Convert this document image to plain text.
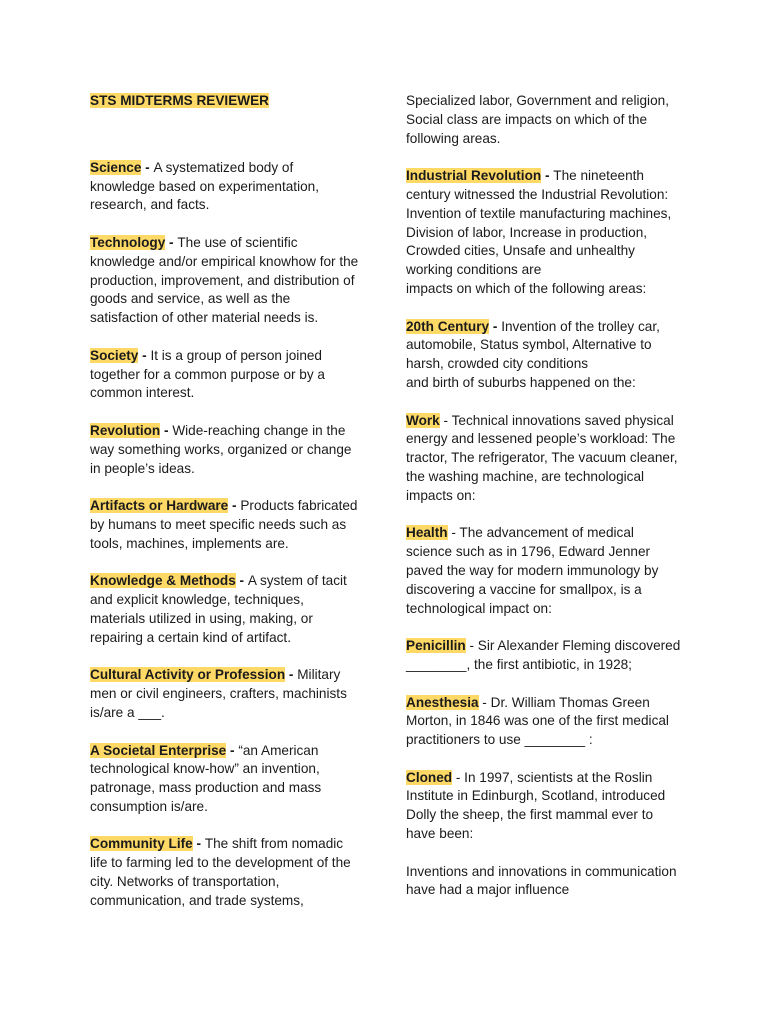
STS MIDTERMS REVIEWER

Science - A systematized body of knowledge based on experimentation, research, and facts.

Technology - The use of scientific knowledge and/or empirical knowhow for the production, improvement, and distribution of goods and service, as well as the satisfaction of other material needs is.

Society - It is a group of person joined together for a common purpose or by a common interest.

Revolution - Wide-reaching change in the way something works, organized or change in people’s ideas.

Artifacts or Hardware - Products fabricated by humans to meet specific needs such as tools, machines, implements are.

Knowledge & Methods - A system of tacit and explicit knowledge, techniques, materials utilized in using, making, or repairing a certain kind of artifact.

Cultural Activity or Profession - Military men or civil engineers, crafters, machinists is/are a ___.

A Societal Enterprise - “an American technological know-how” an invention, patronage, mass production and mass consumption is/are.

Community Life - The shift from nomadic life to farming led to the development of the city. Networks of transportation, communication, and trade systems,

Specialized labor, Government and religion,
Social class are impacts on which of the
following areas.

Industrial Revolution - The nineteenth century witnessed the Industrial Revolution: Invention of textile manufacturing machines, Division of labor, Increase in production, Crowded cities, Unsafe and unhealthy working conditions are
impacts on which of the following areas:

20th Century - Invention of the trolley car, automobile, Status symbol, Alternative to harsh, crowded city conditions
and birth of suburbs happened on the:

Work - Technical innovations saved physical energy and lessened people’s workload: The tractor, The refrigerator, The vacuum cleaner, the washing machine, are technological impacts on:

Health - The advancement of medical science such as in 1796, Edward Jenner paved the way for modern immunology by discovering a vaccine for smallpox, is a technological impact on:

Penicillin - Sir Alexander Fleming discovered ________, the first antibiotic, in 1928;

Anesthesia - Dr. William Thomas Green Morton, in 1846 was one of the first medical practitioners to use ________ :

Cloned - In 1997, scientists at the Roslin Institute in Edinburgh, Scotland, introduced Dolly the sheep, the first mammal ever to have been:

Inventions and innovations in communication have had a major influence
